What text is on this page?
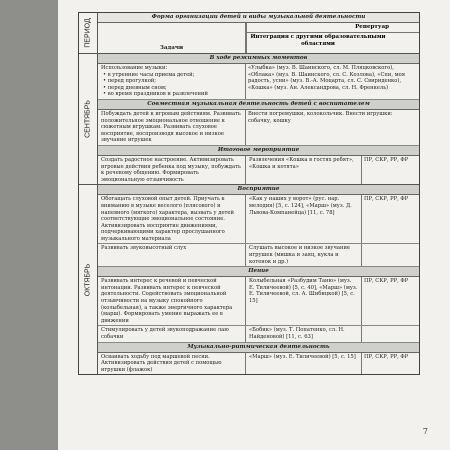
ПЕРИОД
Форма организации детей и виды музыкальной деятельности
Задачи
Репертуар
Интеграция с другими образовательными областями
СЕНТЯБРЬ
В ходе режимных моментов
Использование музыки:
• в утренние часы приема детей;
• перед прогулкой;
• перед дневным сном;
• во время праздников и развлечений
«Улыбка» (муз. В. Шаинского, сл. М. Пляцковского), «Облака» (муз. В. Шаинского, сл. С. Козлова), «Спи, моя радость, усни» (муз. В.-А. Моцарта, сл. С. Свириденко), «Кошка» (муз. Ан. Александрова, сл. Н. Френкель)
Совместная музыкальная деятельность детей с воспитателем
Побуждать детей к игровым действиям. Развивать положительное эмоциональное отношение к сюжетным игрушкам. Развивать слуховое восприятие, воспроизводя высокое и низкое звучание игрушек
Внести погремушки, колокольчик. Внести игрушки: собачку, кошку
Итоговое мероприятие
Создать радостное настроение. Активизировать игровые действия ребенка под музыку, побуждать к речевому общению. Формировать эмоциональную отзывчивость
Развлечения «Кошка в гостях ребят», «Кошка и котята»
ПР, СКР, РР, ФР
ОКТЯБРЬ
Восприятие
Обогащать слуховой опыт детей. Приучать к вниманию в музыке веселого (плясового) и напевного (мягкого) характера, вызвать у детей соответствующие эмоциональное состояние. Активизировать восприятие движениями, подчеркивающими характер прослушанного музыкального материала
«Как у наших у ворот» (рус. нар. мелодия) [5, с. 124], «Марш» (муз. Д. Львова-Компанейца) [11, с. 78]
ПР, СКР, РР, ФР
Развивать звуковысотный слух	Слушать высокое и низкое звучание игрушек (мишка и заяц, кукла и котенок и др.)
Пение
Развивать интерес к речевой и певческой интонации. Развивать интерес к певческой деятельности. Содействовать эмоциональной отзывчивости на музыку спокойного (колыбельная), а также энергичного характера (марш). Формировать умение выражать ее в движении
Колыбельная «Разбудим Таню» (муз. Е. Тиличеевой) [5, с. 40], «Марш» (муз. Е. Тиличеевой, сл. А. Шибицкой) [5, с. 15]
ПР, СКР, РР, ФР
Стимулировать у детей звукоподражание лаю собачки
«Бобик» (муз. Т. Попатенко, сл. Н. Найденовой) [11, с. 63]
Музыкально-ритмическая деятельность
Осваивать ходьбу под маршевой песни. Активизировать действия детей с помощью игрушки (флажок)
«Марш» (муз. Е. Тиличеевой) [5, с. 15]	ПР, СКР, РР, ФР
7
